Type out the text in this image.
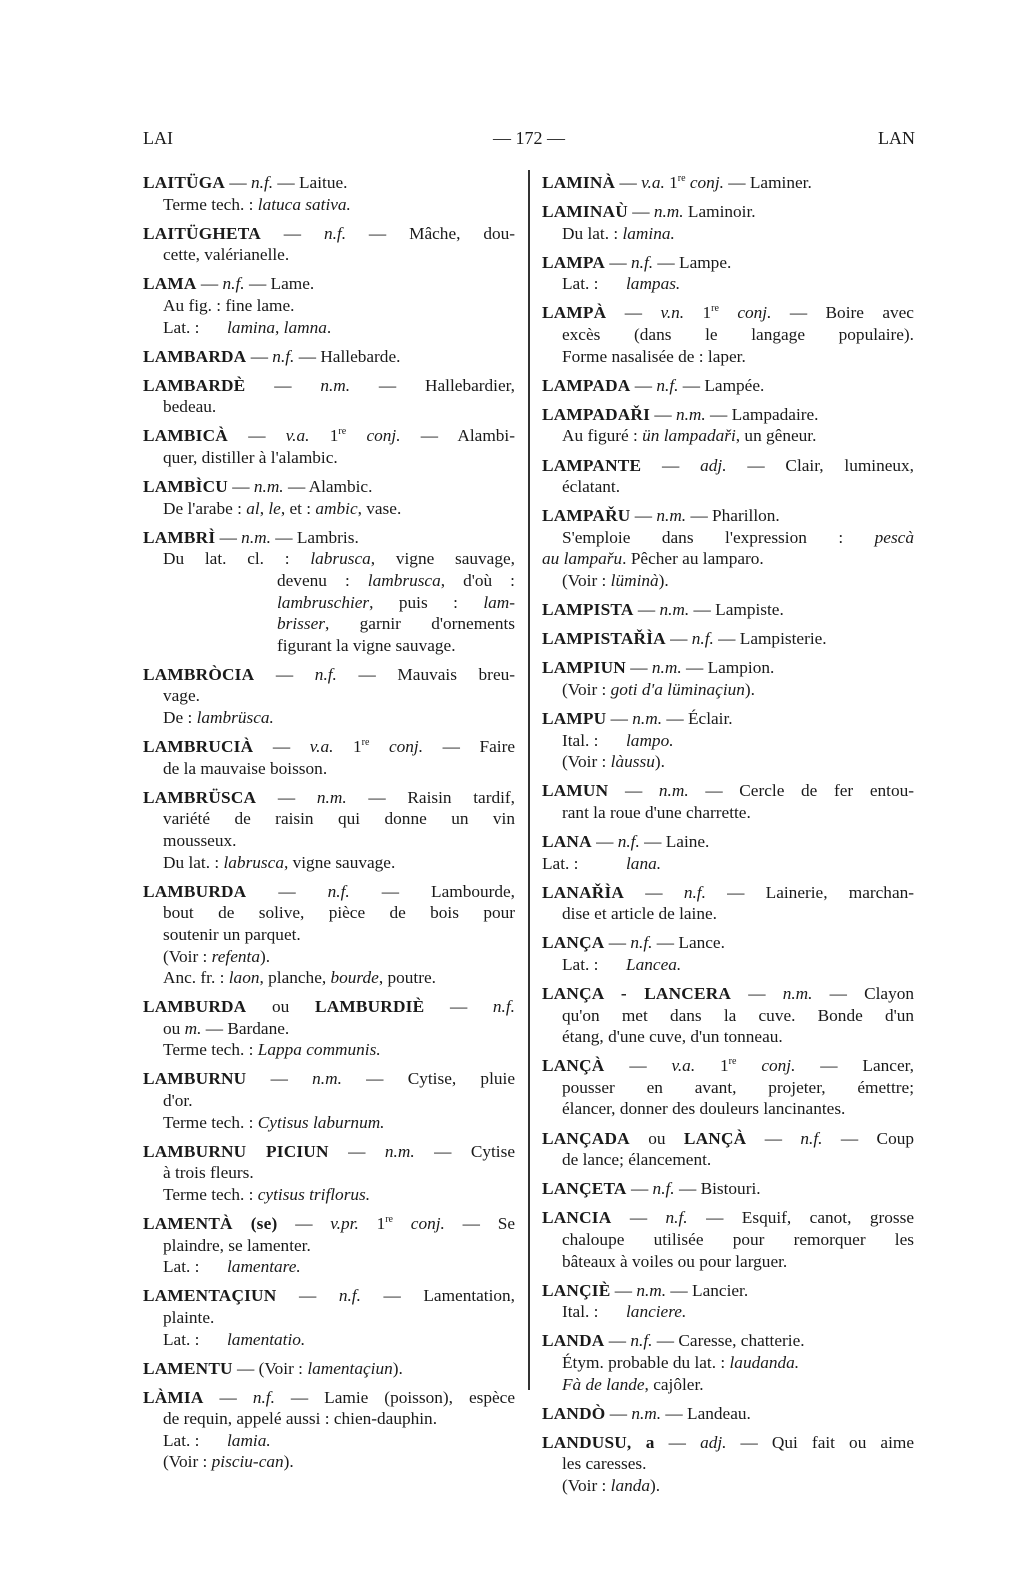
LAI	— 172 —	LAN

LAITÜGA — n.f. — Laitue.

Terme tech. : latuca sativa.

LAITÜGHETA — n.f. — Mâche, dou-

cette, valérianelle.

LAMA — n.f. — Lame.

Au fig. : fine lame.

Lat. : lamina, lamna.

LAMBARDA — n.f. — Hallebarde.

LAMBARDÈ — n.m. — Hallebardier,

bedeau.

LAMBICÀ — v.a. 1re conj. — Alambi-

quer, distiller à l'alambic.

LAMBÌCU — n.m. — Alambic.

De l'arabe : al, le, et : ambic, vase.

LAMBRÌ — n.m. — Lambris.

Du lat. cl. : labrusca, vigne sauvage,

devenu : lambrusca, d'où :

lambruschier, puis : lam-

brisser, garnir d'ornements

figurant la vigne sauvage.

LAMBRÒCIA — n.f. — Mauvais breu-

vage.

De : lambrüsca.

LAMBRUCIÀ — v.a. 1re conj. — Faire

de la mauvaise boisson.

LAMBRÜSCA — n.m. — Raisin tardif,

variété de raisin qui donne un vin

mousseux.

Du lat. : labrusca, vigne sauvage.

LAMBURDA — n.f. — Lambourde,

bout de solive, pièce de bois pour

soutenir un parquet.

(Voir : refenta).

Anc. fr. : laon, planche, bourde, poutre.

LAMBURDA ou LAMBURDIÈ — n.f.

ou m. — Bardane.

Terme tech. : Lappa communis.

LAMBURNU — n.m. — Cytise, pluie

d'or.

Terme tech. : Cytisus laburnum.

LAMBURNU PICIUN — n.m. — Cytise

à trois fleurs.

Terme tech. : cytisus triflorus.

LAMENTÀ (se) — v.pr. 1re conj. — Se

plaindre, se lamenter.

Lat. : lamentare.

LAMENTAÇIUN — n.f. — Lamentation,

plainte.

Lat. : lamentatio.

LAMENTU — (Voir : lamentaçiun).

LÀMIA — n.f. — Lamie (poisson), espèce

de requin, appelé aussi : chien-dauphin.

Lat. : lamia.

(Voir : pisciu-can).

LAMINÀ — v.a. 1re conj. — Laminer.

LAMINAÙ — n.m. Laminoir.

Du lat. : lamina.

LAMPA — n.f. — Lampe.

Lat. : lampas.

LAMPÀ — v.n. 1re conj. — Boire avec

excès (dans le langage populaire).

Forme nasalisée de : laper.

LAMPADA — n.f. — Lampée.

LAMPADAŘI — n.m. — Lampadaire.

Au figuré : ün lampadaři, un gêneur.

LAMPANTE — adj. — Clair, lumineux,

éclatant.

LAMPAŘU — n.m. — Pharillon.

S'emploie dans l'expression : pescà

au lampařu. Pêcher au lamparo.

(Voir : lüminà).

LAMPISTA — n.m. — Lampiste.

LAMPISTAŘÌA — n.f. — Lampisterie.

LAMPIUN — n.m. — Lampion.

(Voir : goti d'a lüminaçiun).

LAMPU — n.m. — Éclair.

Ital. : lampo.

(Voir : làussu).

LAMUN — n.m. — Cercle de fer entou-

rant la roue d'une charrette.

LANA — n.f. — Laine.

Lat. :	lana.

LANAŘÌA — n.f. — Lainerie, marchan-

dise et article de laine.

LANÇA — n.f. — Lance.

Lat. : Lancea.

LANÇA - LANCERA — n.m. — Clayon

qu'on met dans la cuve. Bonde d'un

étang, d'une cuve, d'un tonneau.

LANÇÀ — v.a. 1re conj. — Lancer,

pousser en avant, projeter, émettre;

élancer, donner des douleurs lancinantes.

LANÇADA ou LANÇÀ — n.f. — Coup

de lance; élancement.

LANÇETA — n.f. — Bistouri.

LANCIA — n.f. — Esquif, canot, grosse

chaloupe utilisée pour remorquer les

bâteaux à voiles ou pour larguer.

LANÇIÈ — n.m. — Lancier.

Ital. : lanciere.

LANDA — n.f. — Caresse, chatterie.

Étym. probable du lat. : laudanda.

Fà de lande, cajôler.

LANDÒ — n.m. — Landeau.

LANDUSU, a — adj. — Qui fait ou aime

les caresses.

(Voir : landa).
